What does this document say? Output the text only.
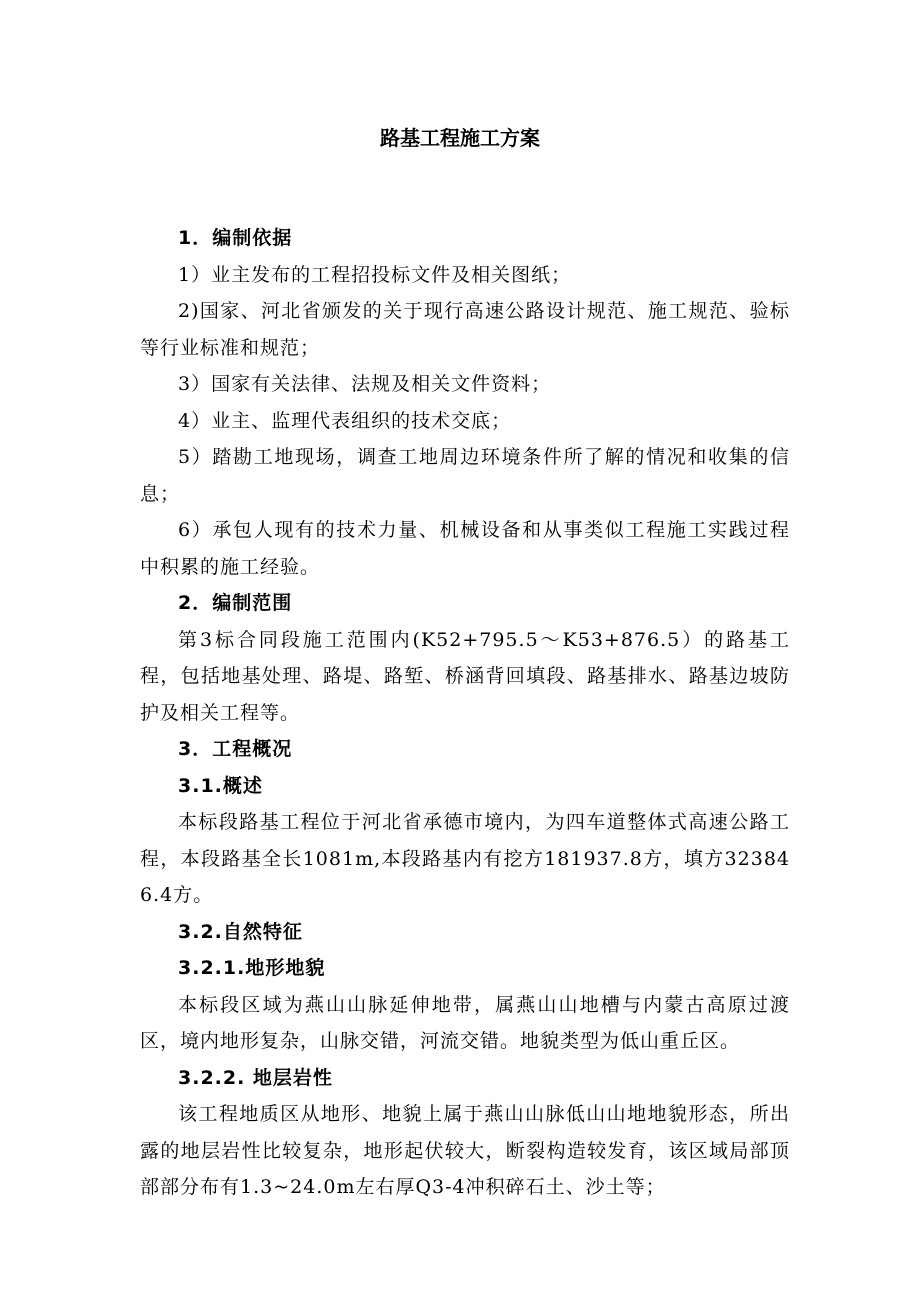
路基工程施工方案

1．编制依据

1）业主发布的工程招投标文件及相关图纸；

2)国家、河北省颁发的关于现行高速公路设计规范、施工规范、验标等行业标准和规范；

3）国家有关法律、法规及相关文件资料；

4）业主、监理代表组织的技术交底；

5）踏勘工地现场，调查工地周边环境条件所了解的情况和收集的信息；

6）承包人现有的技术力量、机械设备和从事类似工程施工实践过程中积累的施工经验。

2．编制范围

第3标合同段施工范围内(K52+795.5～K53+876.5）的路基工程，包括地基处理、路堤、路堑、桥涵背回填段、路基排水、路基边坡防护及相关工程等。

3．工程概况

3.1.概述

本标段路基工程位于河北省承德市境内，为四车道整体式高速公路工程，本段路基全长1081m,本段路基内有挖方181937.8方，填方323846.4方。

3.2.自然特征

3.2.1.地形地貌

本标段区域为燕山山脉延伸地带，属燕山山地槽与内蒙古高原过渡区，境内地形复杂，山脉交错，河流交错。地貌类型为低山重丘区。

3.2.2. 地层岩性

该工程地质区从地形、地貌上属于燕山山脉低山山地地貌形态，所出露的地层岩性比较复杂，地形起伏较大，断裂构造较发育，该区域局部顶部部分布有1.3~24.0m左右厚Q3-4冲积碎石土、沙土等；
